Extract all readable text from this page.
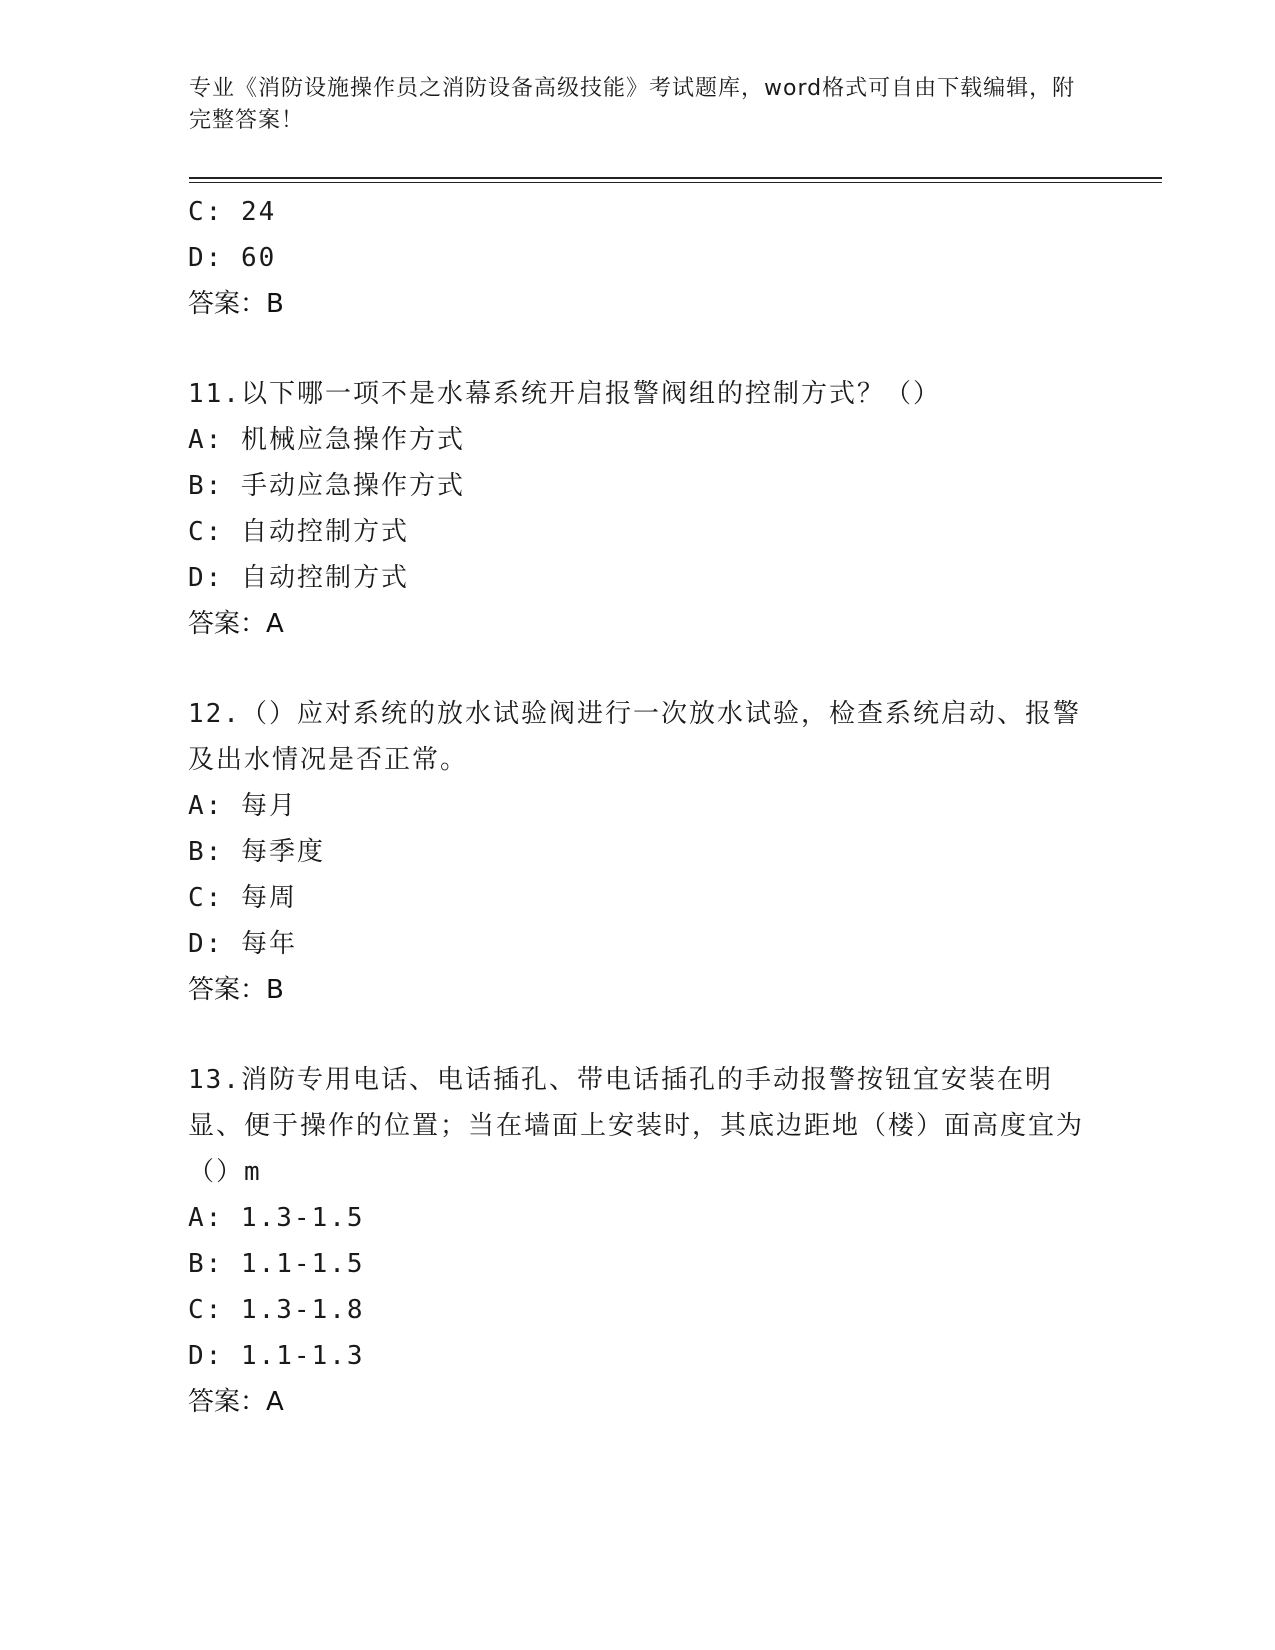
专业《消防设施操作员之消防设备高级技能》考试题库，word格式可自由下载编辑，附完整答案！
C: 24
D: 60
答案：B
11.以下哪一项不是水幕系统开启报警阀组的控制方式？（）
A: 机械应急操作方式
B: 手动应急操作方式
C: 自动控制方式
D: 自动控制方式
答案：A
12.（）应对系统的放水试验阀进行一次放水试验，检查系统启动、报警及出水情况是否正常。
A: 每月
B: 每季度
C: 每周
D: 每年
答案：B
13.消防专用电话、电话插孔、带电话插孔的手动报警按钮宜安装在明显、便于操作的位置；当在墙面上安装时，其底边距地（楼）面高度宜为（）m
A: 1.3-1.5
B: 1.1-1.5
C: 1.3-1.8
D: 1.1-1.3
答案：A
